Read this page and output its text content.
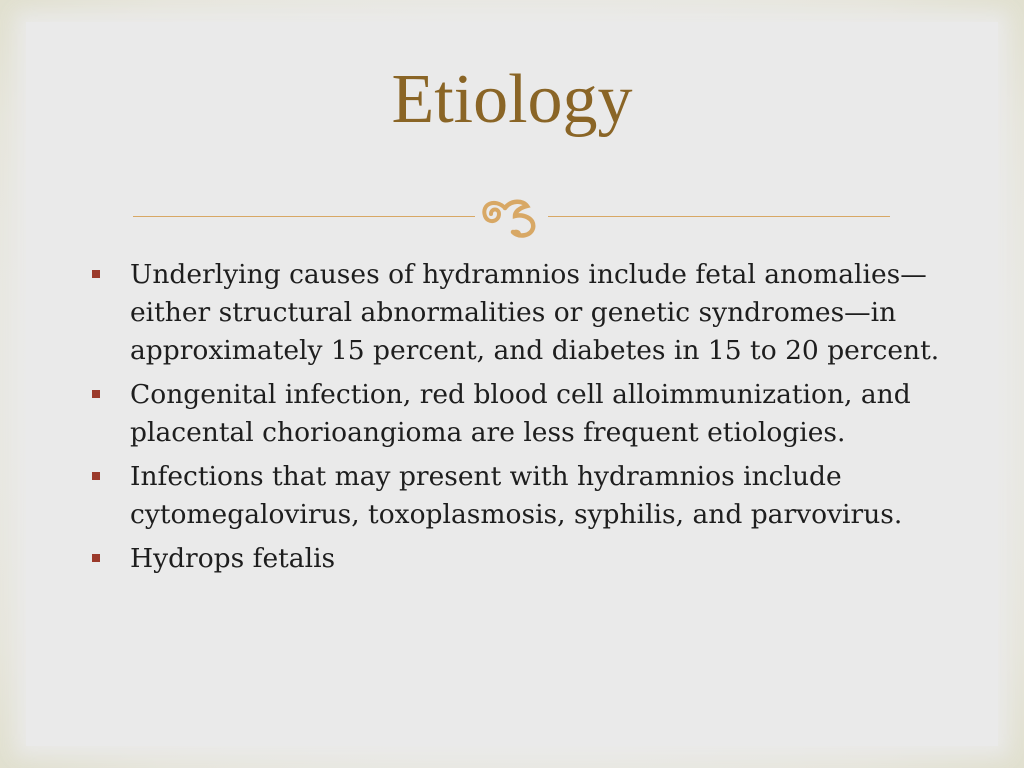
Etiology
Underlying causes of hydramnios include fetal anomalies—either structural abnormalities or genetic syndromes—in approximately 15 percent, and diabetes in 15 to 20 percent.
Congenital infection, red blood cell alloimmunization, and placental chorioangioma are less frequent etiologies.
Infections that may present with hydramnios include cytomegalovirus, toxoplasmosis, syphilis, and parvovirus.
Hydrops fetalis
